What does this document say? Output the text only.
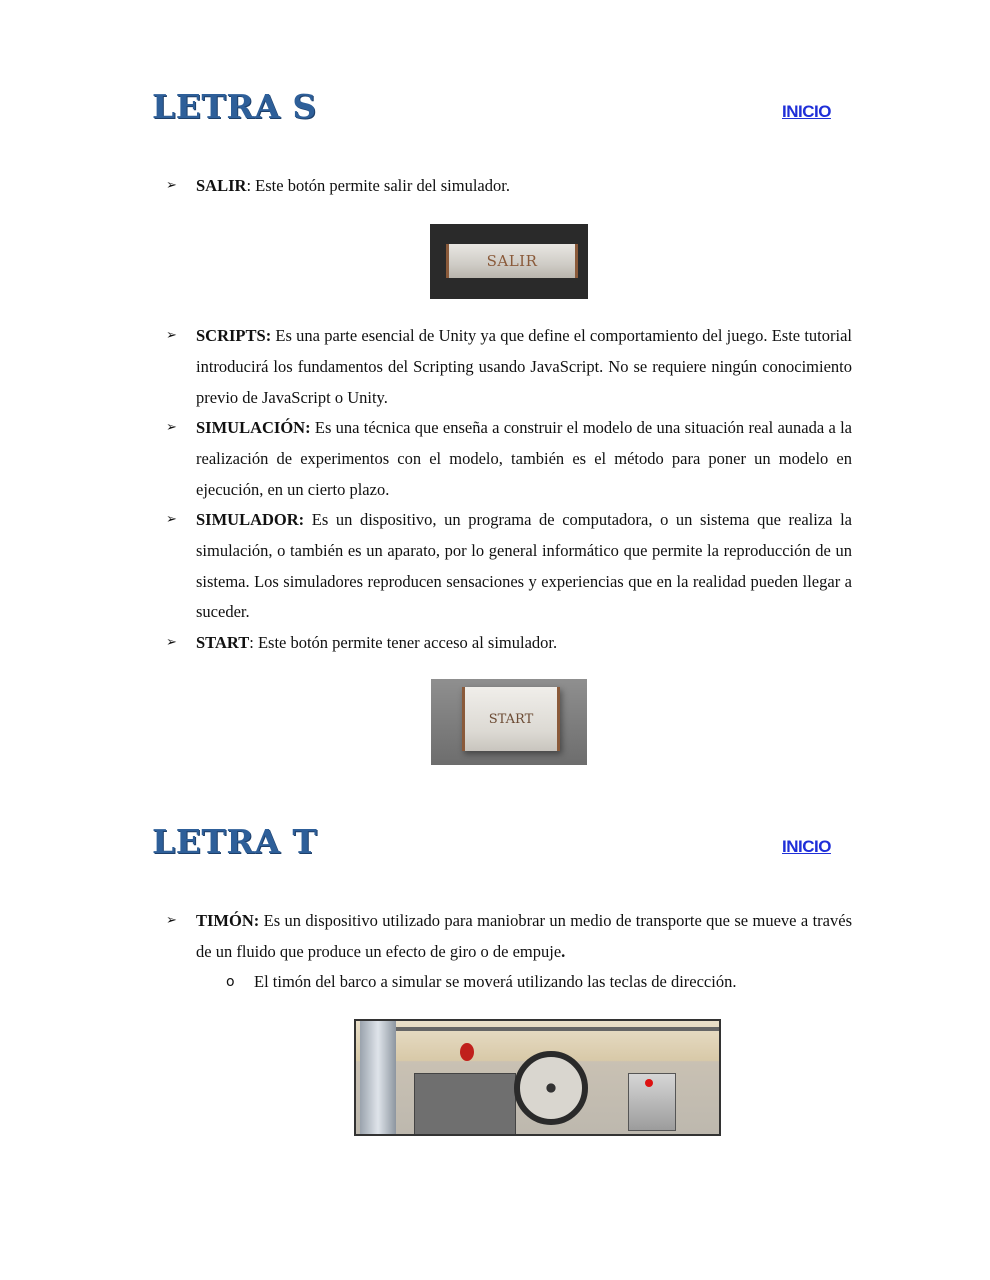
LETRA S	INICIO
➢ SALIR: Este botón permite salir del simulador.
SALIR
➢ SCRIPTS: Es una parte esencial de Unity ya que define el comportamiento del juego. Este tutorial introducirá los fundamentos del Scripting usando JavaScript. No se requiere ningún conocimiento previo de JavaScript o Unity.
➢ SIMULACIÓN: Es una técnica que enseña a construir el modelo de una situación real aunada a la realización de experimentos con el modelo, también es el método para poner un modelo en ejecución, en un cierto plazo.
➢ SIMULADOR: Es un dispositivo, un programa de computadora, o un sistema que realiza la simulación, o también es un aparato, por lo general informático que permite la reproducción de un sistema. Los simuladores reproducen sensaciones y experiencias que en la realidad pueden llegar a suceder.
➢ START: Este botón permite tener acceso al simulador.
START
LETRA T	INICIO
➢ TIMÓN: Es un dispositivo utilizado para maniobrar un medio de transporte que se mueve a través de un fluido que produce un efecto de giro o de empuje.
o El timón del barco a simular se moverá utilizando las teclas de dirección.
